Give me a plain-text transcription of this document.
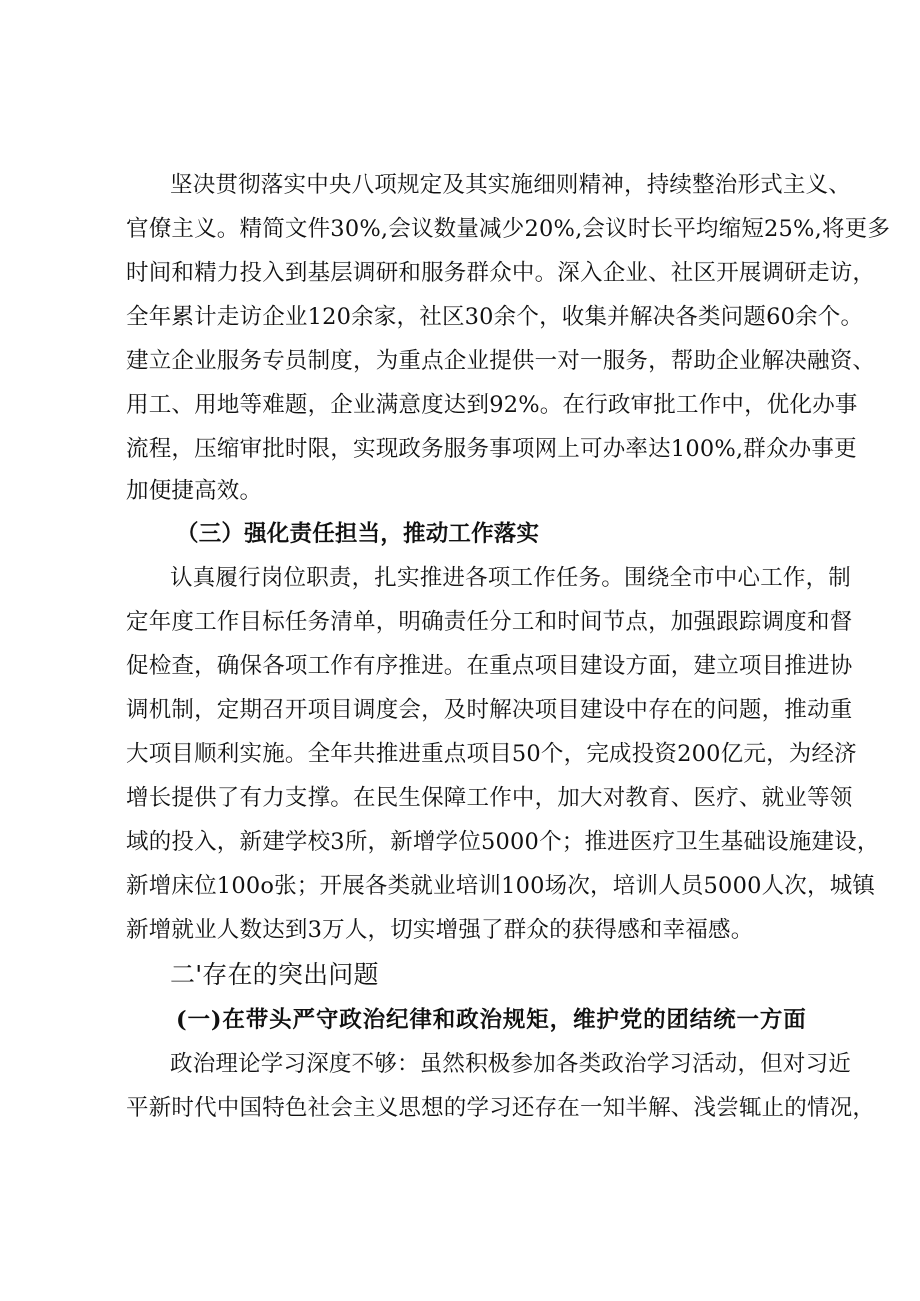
坚决贯彻落实中央八项规定及其实施细则精神，持续整治形式主义、
官僚主义。精简文件30%,会议数量减少20%,会议时长平均缩短25%,将更多
时间和精力投入到基层调研和服务群众中。深入企业、社区开展调研走访，
全年累计走访企业120余家，社区30余个，收集并解决各类问题60余个。
建立企业服务专员制度，为重点企业提供一对一服务，帮助企业解决融资、
用工、用地等难题，企业满意度达到92%。在行政审批工作中，优化办事
流程，压缩审批时限，实现政务服务事项网上可办率达100%,群众办事更
加便捷高效。
（三）强化责任担当，推动工作落实
认真履行岗位职责，扎实推进各项工作任务。围绕全市中心工作，制
定年度工作目标任务清单，明确责任分工和时间节点，加强跟踪调度和督
促检查，确保各项工作有序推进。在重点项目建设方面，建立项目推进协
调机制，定期召开项目调度会，及时解决项目建设中存在的问题，推动重
大项目顺利实施。全年共推进重点项目50个，完成投资200亿元，为经济
增长提供了有力支撑。在民生保障工作中，加大对教育、医疗、就业等领
域的投入，新建学校3所，新增学位5000个；推进医疗卫生基础设施建设，
新增床位100o张；开展各类就业培训100场次，培训人员5000人次，城镇
新增就业人数达到3万人，切实增强了群众的获得感和幸福感。
二'存在的突出问题
(一)在带头严守政治纪律和政治规矩，维护党的团结统一方面
政治理论学习深度不够：虽然积极参加各类政治学习活动，但对习近
平新时代中国特色社会主义思想的学习还存在一知半解、浅尝辄止的情况，
